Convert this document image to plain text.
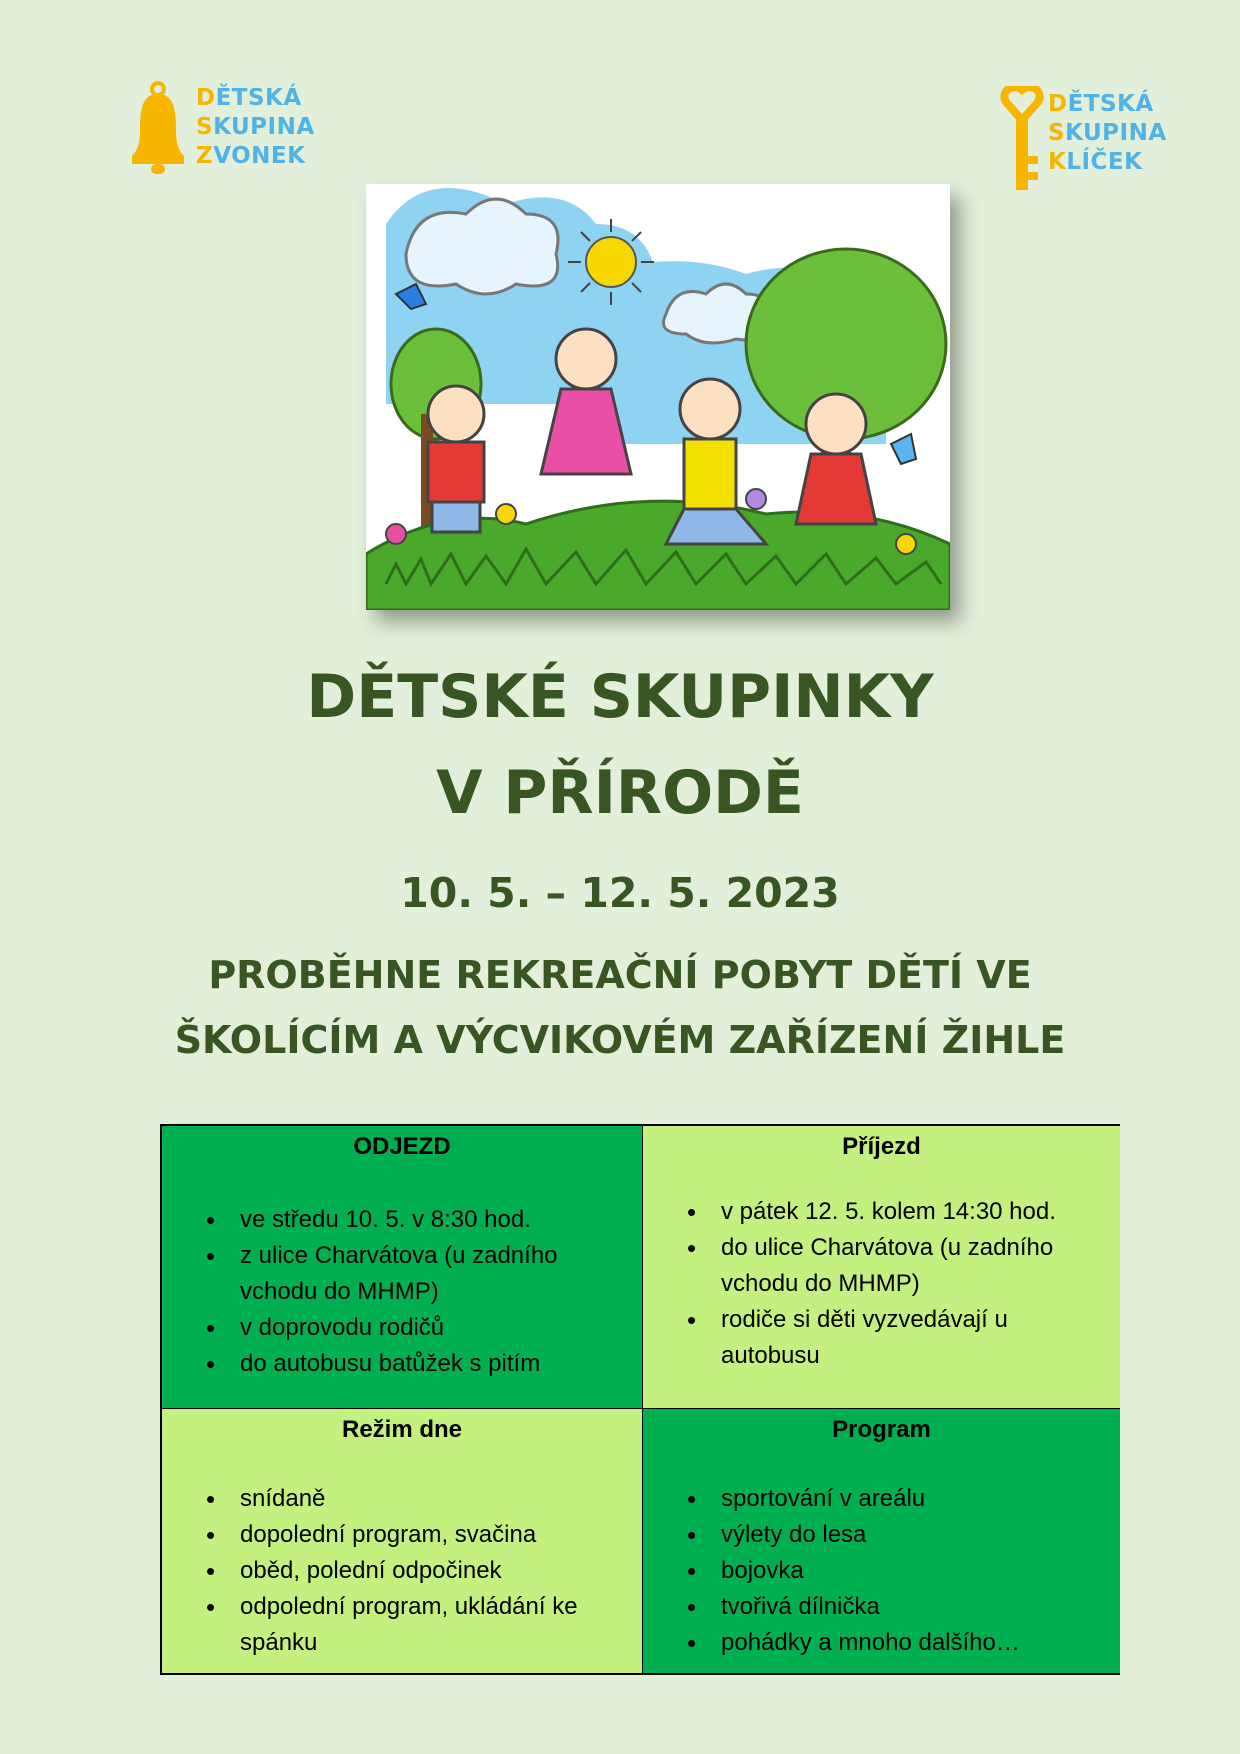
DĚTSKÁ
SKUPINA
ZVONEK
DĚTSKÁ
SKUPINA
KLÍČEK
DĚTSKÉ SKUPINKY
V PŘÍRODĚ
10. 5. – 12. 5. 2023
PROBĚHNE REKREAČNÍ POBYT DĚTÍ VE
ŠKOLÍCÍM A VÝCVIKOVÉM ZAŘÍZENÍ ŽIHLE
ODJEZD
• ve středu 10. 5. v 8:30 hod.
• z ulice Charvátova (u zadního vchodu do MHMP)
• v doprovodu rodičů
• do autobusu batůžek s pitím
Příjezd
• v pátek 12. 5. kolem 14:30 hod.
• do ulice Charvátova (u zadního vchodu do MHMP)
• rodiče si děti vyzvedávají u autobusu
Režim dne
• snídaně
• dopolední program, svačina
• oběd, polední odpočinek
• odpolední program, ukládání ke spánku
Program
• sportování v areálu
• výlety do lesa
• bojovka
• tvořivá dílnička
• pohádky a mnoho dalšího…
